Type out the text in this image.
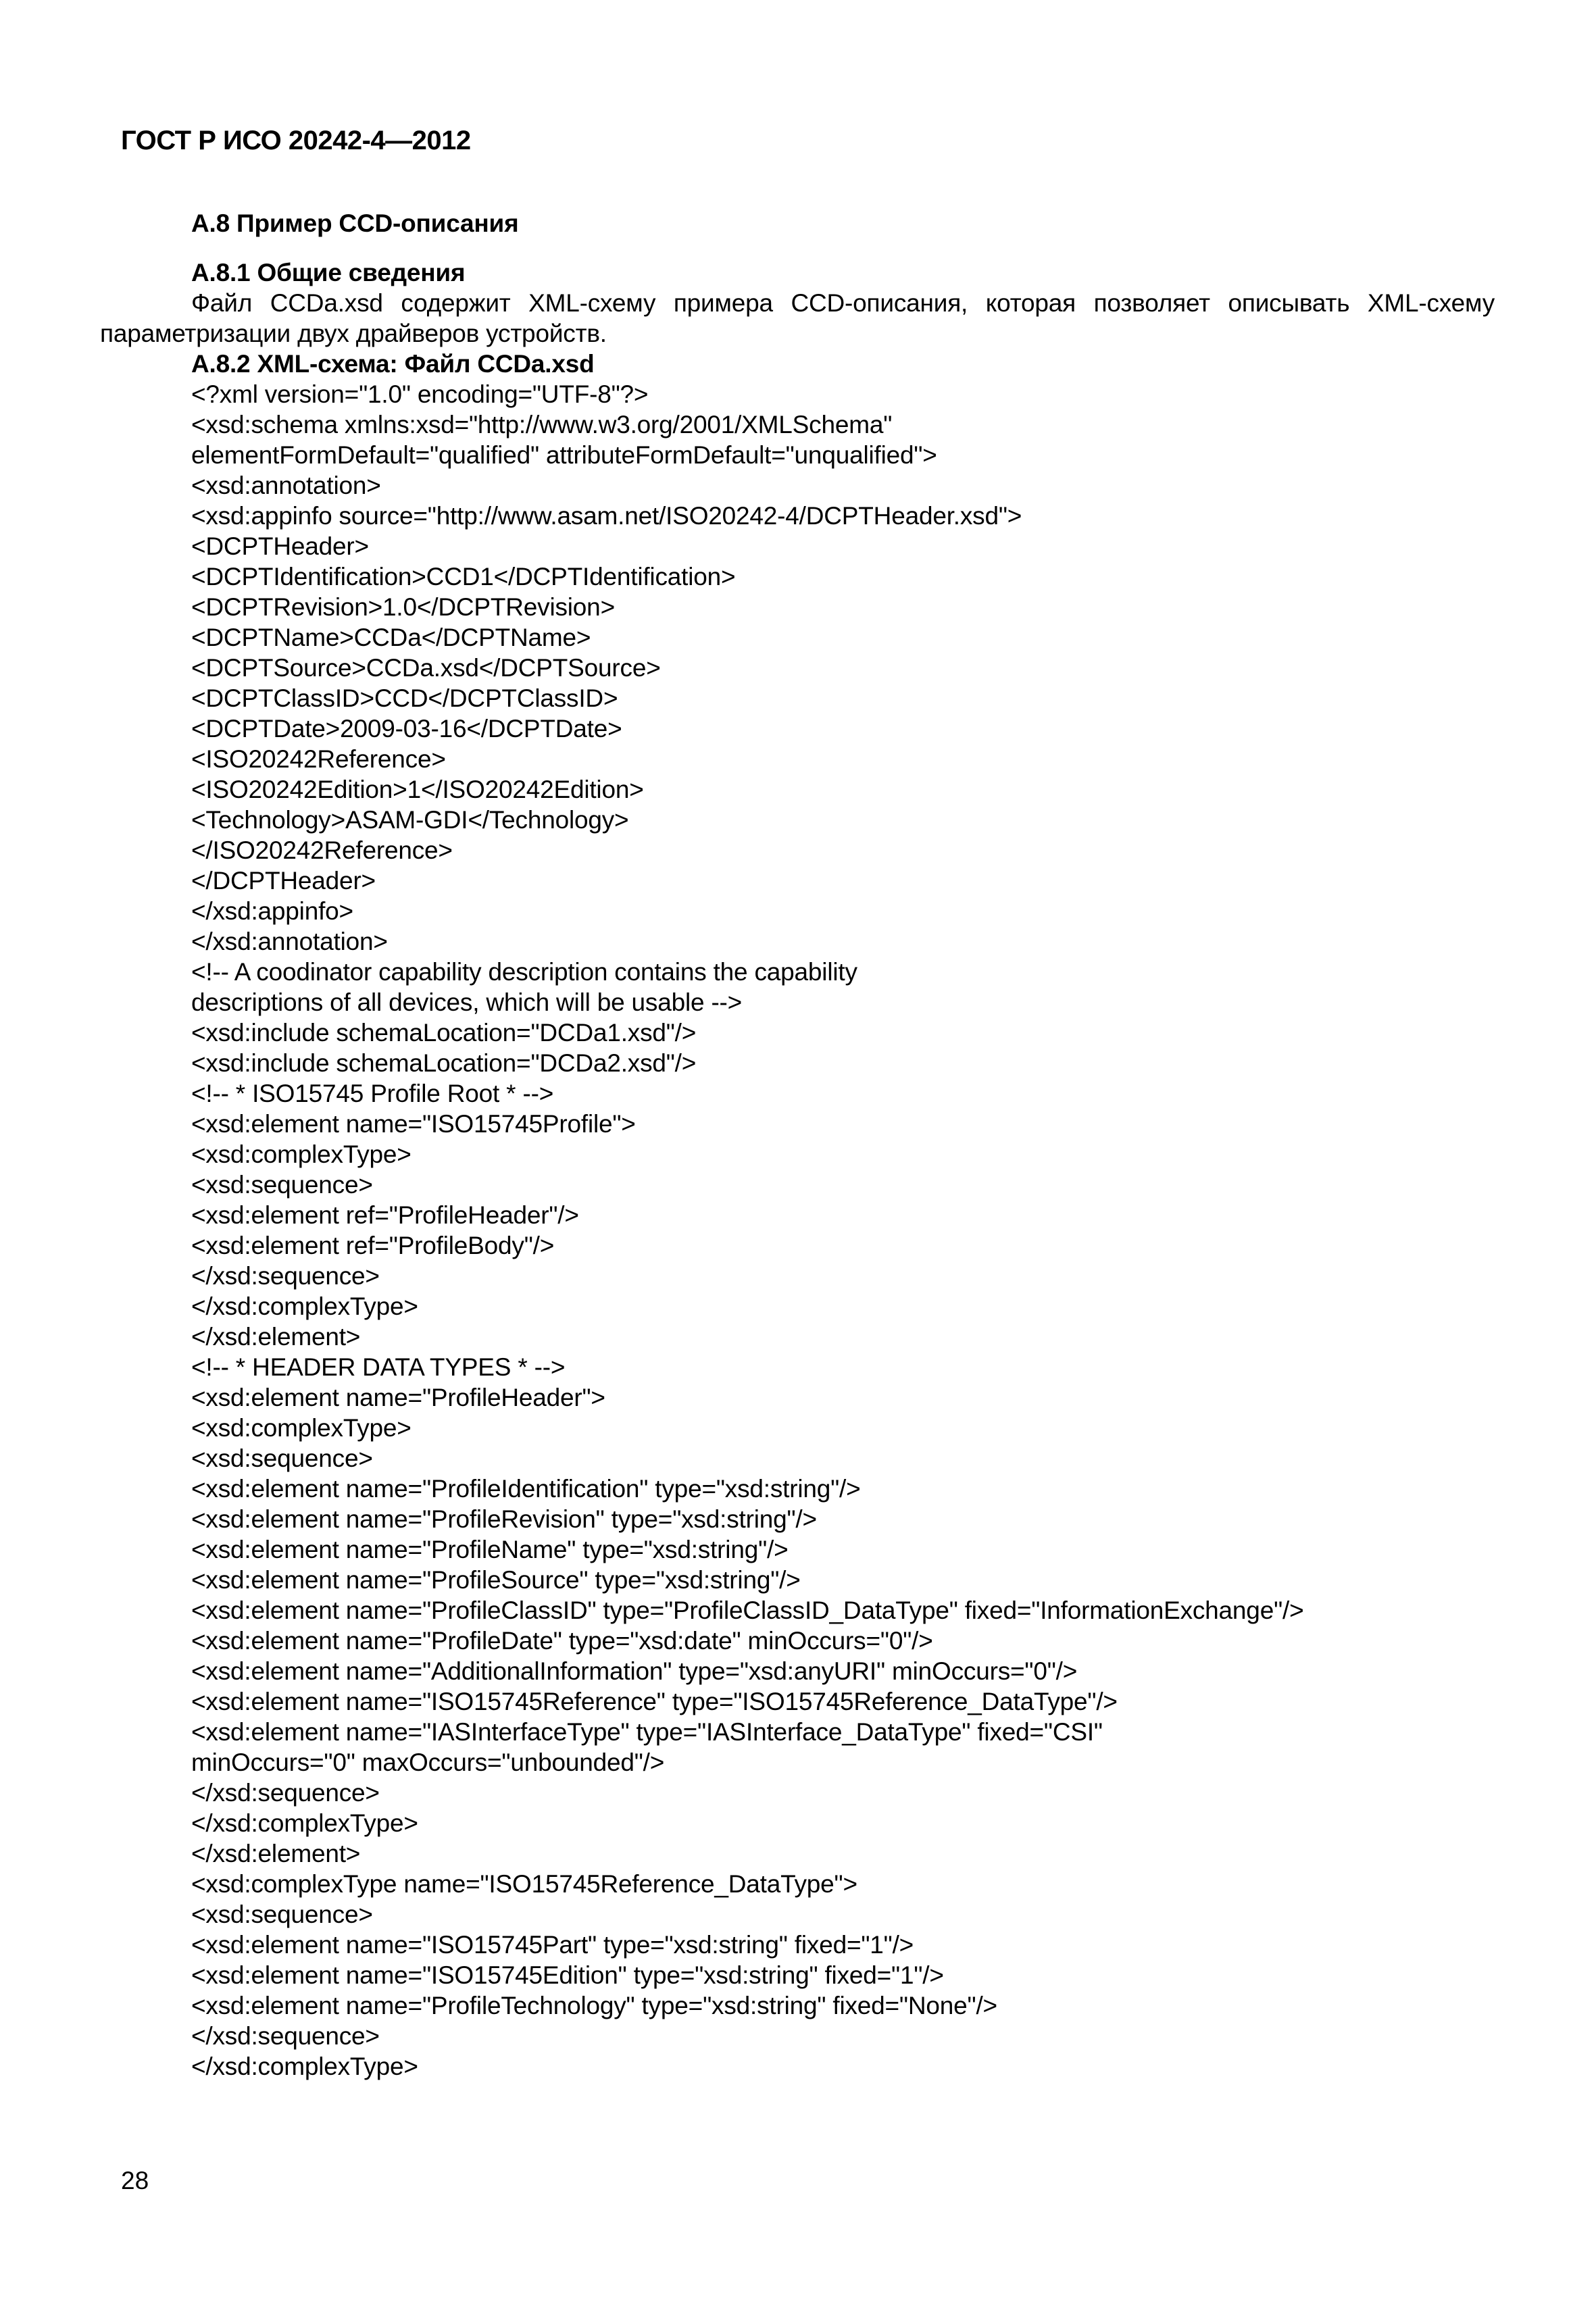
ГОСТ Р ИСО 20242-4—2012
А.8 Пример CCD-описания
А.8.1 Общие сведения

Файл CCDa.xsd содержит XML-схему примера CCD-описания, которая позволяет описывать XML-схему параметризации двух драйверов устройств.

А.8.2 XML-схема: Файл CCDa.xsd
<?xml version="1.0" encoding="UTF-8"?>
<xsd:schema xmlns:xsd="http://www.w3.org/2001/XMLSchema"
elementFormDefault="qualified" attributeFormDefault="unqualified">
<xsd:annotation>
<xsd:appinfo source="http://www.asam.net/ISO20242-4/DCPTHeader.xsd">
<DCPTHeader>
<DCPTIdentification>CCD1</DCPTIdentification>
<DCPTRevision>1.0</DCPTRevision>
<DCPTName>CCDa</DCPTName>
<DCPTSource>CCDa.xsd</DCPTSource>
<DCPTClassID>CCD</DCPTClassID>
<DCPTDate>2009-03-16</DCPTDate>
<ISO20242Reference>
<ISO20242Edition>1</ISO20242Edition>
<Technology>ASAM-GDI</Technology>
</ISO20242Reference>
</DCPTHeader>
</xsd:appinfo>
</xsd:annotation>
<!-- A coodinator capability description contains the capability
descriptions of all devices, which will be usable -->
<xsd:include schemaLocation="DCDa1.xsd"/>
<xsd:include schemaLocation="DCDa2.xsd"/>
<!-- * ISO15745 Profile Root * -->
<xsd:element name="ISO15745Profile">
<xsd:complexType>
<xsd:sequence>
<xsd:element ref="ProfileHeader"/>
<xsd:element ref="ProfileBody"/>
</xsd:sequence>
</xsd:complexType>
</xsd:element>
<!-- * HEADER DATA TYPES * -->
<xsd:element name="ProfileHeader">
<xsd:complexType>
<xsd:sequence>
<xsd:element name="ProfileIdentification" type="xsd:string"/>
<xsd:element name="ProfileRevision" type="xsd:string"/>
<xsd:element name="ProfileName" type="xsd:string"/>
<xsd:element name="ProfileSource" type="xsd:string"/>
<xsd:element name="ProfileClassID" type="ProfileClassID_DataType" fixed="InformationExchange"/>
<xsd:element name="ProfileDate" type="xsd:date" minOccurs="0"/>
<xsd:element name="AdditionalInformation" type="xsd:anyURI" minOccurs="0"/>
<xsd:element name="ISO15745Reference" type="ISO15745Reference_DataType"/>
<xsd:element name="IASInterfaceType" type="IASInterface_DataType" fixed="CSI"
minOccurs="0" maxOccurs="unbounded"/>
</xsd:sequence>
</xsd:complexType>
</xsd:element>
<xsd:complexType name="ISO15745Reference_DataType">
<xsd:sequence>
<xsd:element name="ISO15745Part" type="xsd:string" fixed="1"/>
<xsd:element name="ISO15745Edition" type="xsd:string" fixed="1"/>
<xsd:element name="ProfileTechnology" type="xsd:string" fixed="None"/>
</xsd:sequence>
</xsd:complexType>
28
